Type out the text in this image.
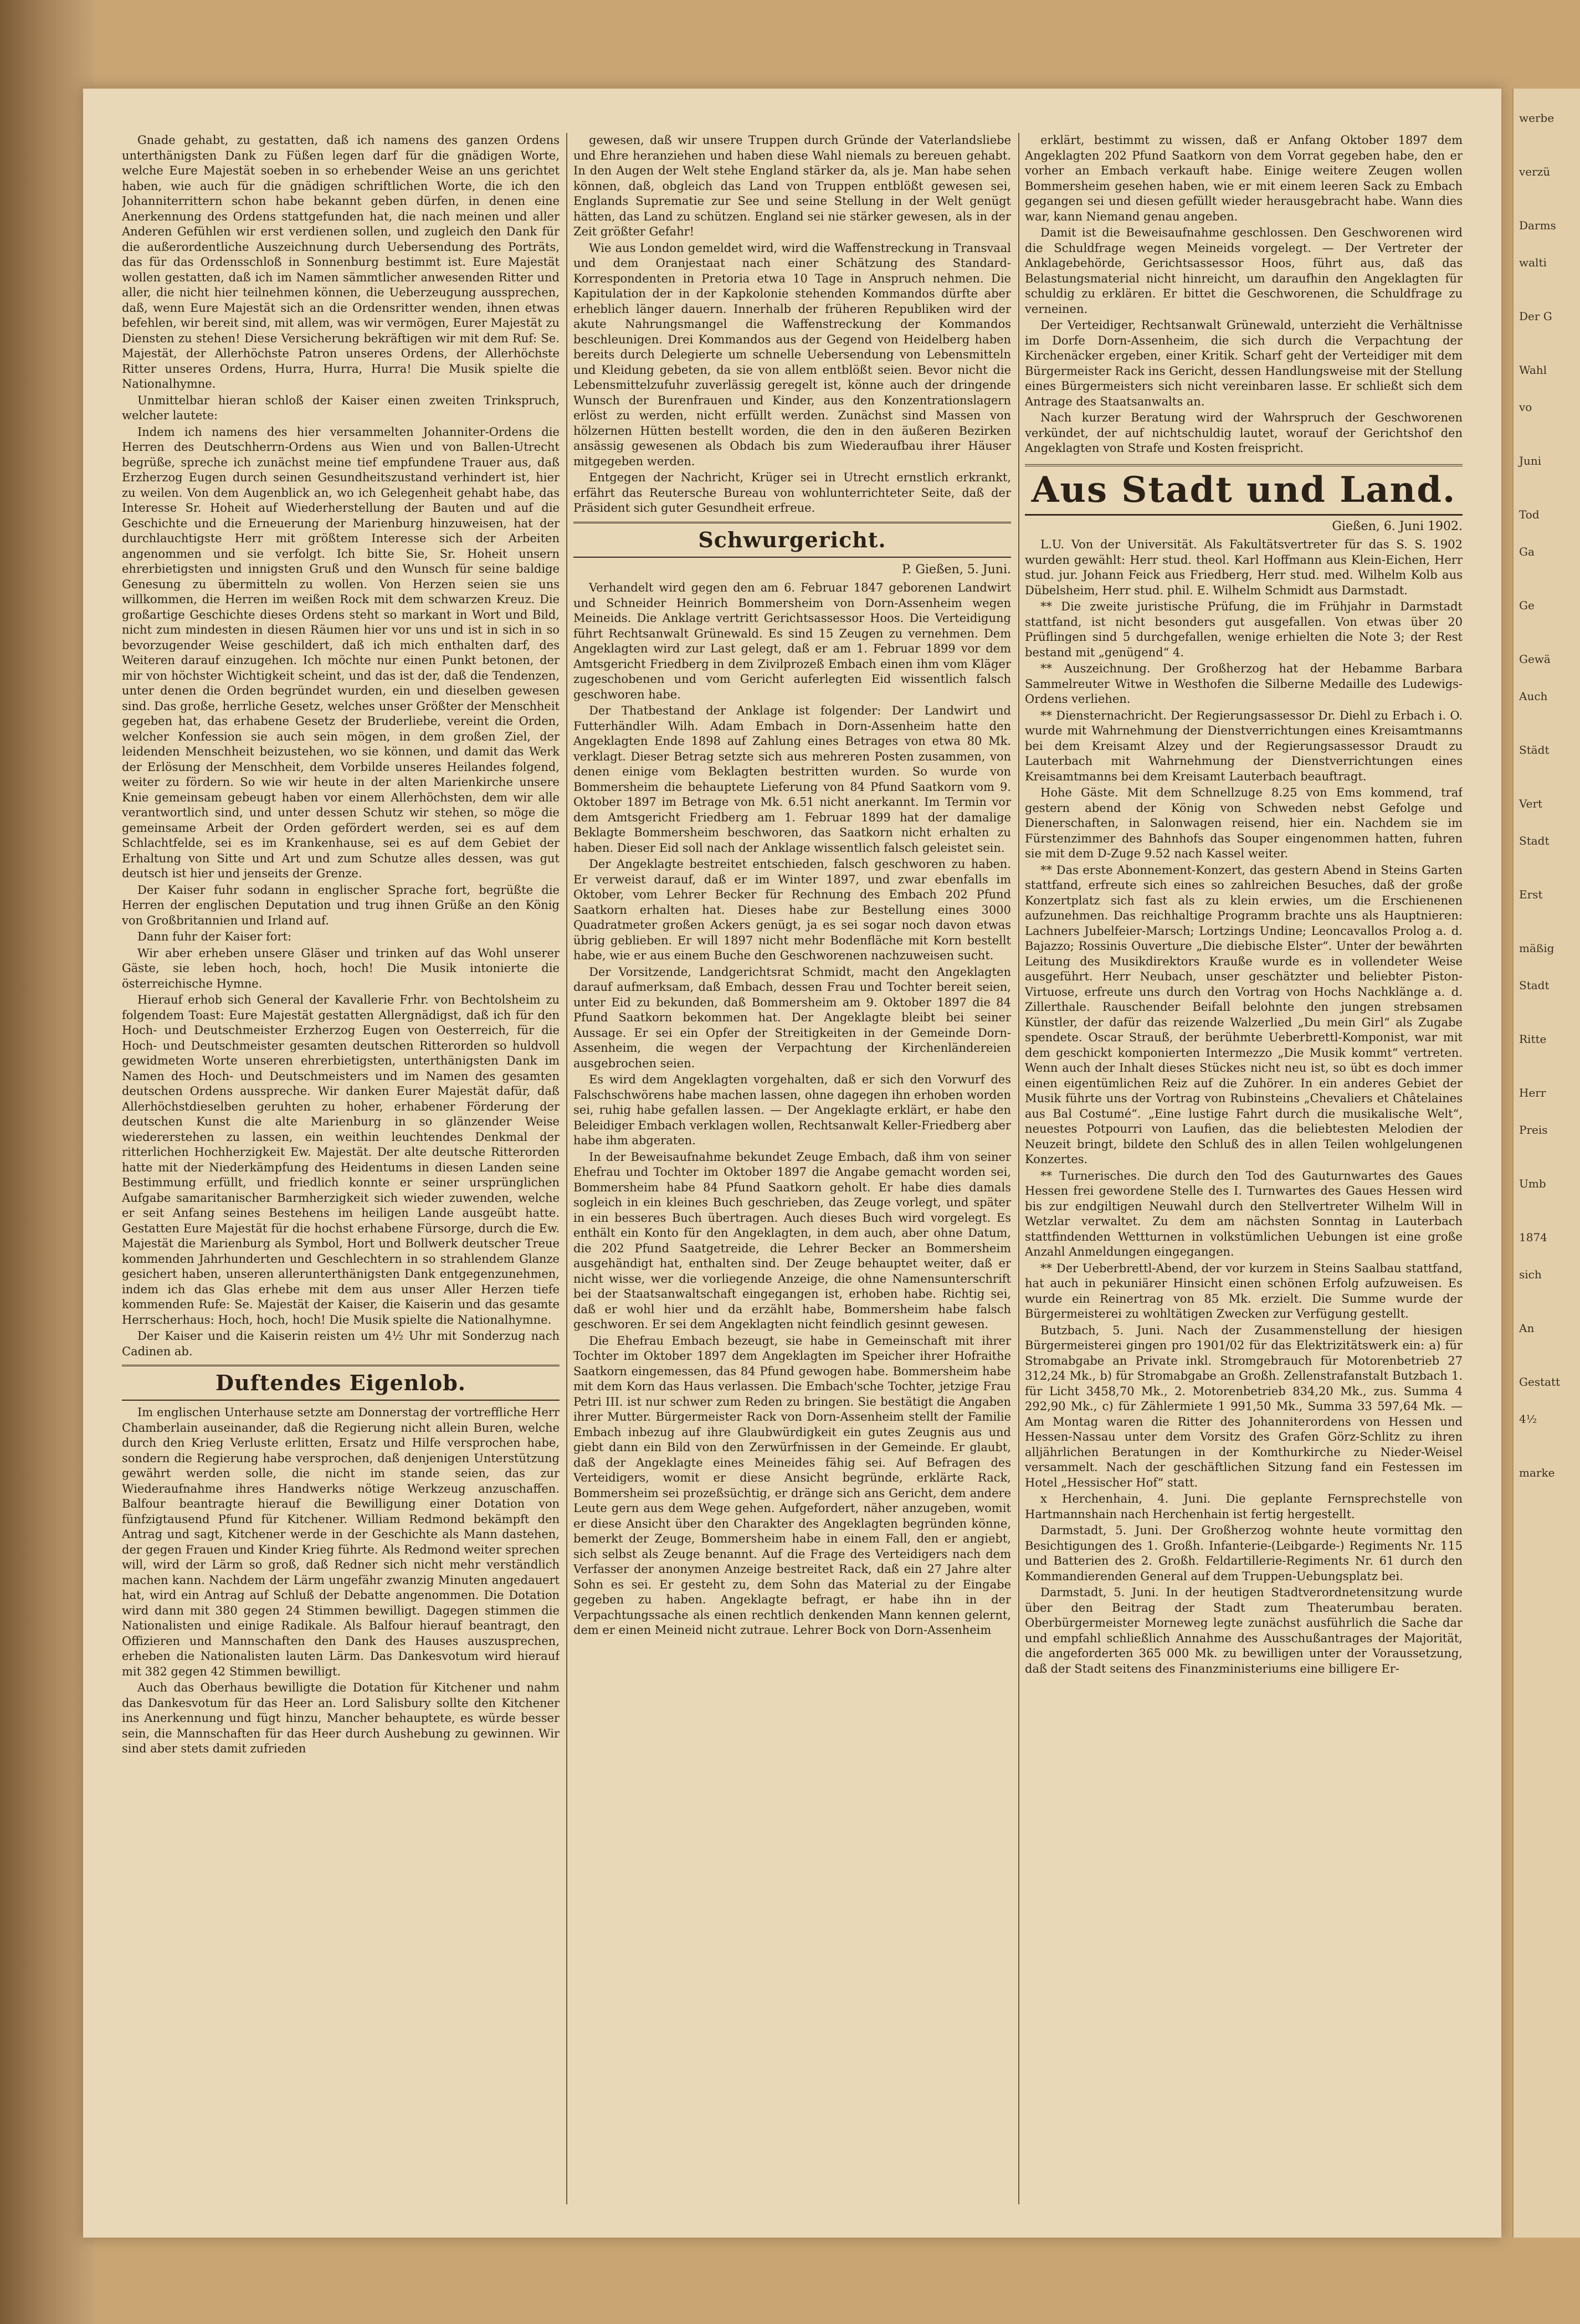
Gnade gehabt, zu gestatten, daß ich namens des ganzen Ordens unterthänigsten Dank zu Füßen legen darf für die gnädigen Worte, welche Eure Majestät soeben in so erhebender Weise an uns gerichtet haben, wie auch für die gnädigen schriftlichen Worte, die ich den Johanniterrittern schon habe bekannt geben dürfen, in denen eine Anerkennung des Ordens stattgefunden hat, die nach meinen und aller Anderen Gefühlen wir erst verdienen sollen, und zugleich den Dank für die außerordentliche Auszeichnung durch Uebersendung des Porträts, das für das Ordensschloß in Sonnenburg bestimmt ist. Eure Majestät wollen gestatten, daß ich im Namen sämmtlicher anwesenden Ritter und aller, die nicht hier teilnehmen können, die Ueberzeugung aussprechen, daß, wenn Eure Majestät sich an die Ordensritter wenden, ihnen etwas befehlen, wir bereit sind, mit allem, was wir vermögen, Eurer Majestät zu Diensten zu stehen! Diese Versicherung bekräftigen wir mit dem Ruf: Se. Majestät, der Allerhöchste Patron unseres Ordens, der Allerhöchste Ritter unseres Ordens, Hurra, Hurra, Hurra! Die Musik spielte die Nationalhymne.

Unmittelbar hieran schloß der Kaiser einen zweiten Trinkspruch, welcher lautete:

Indem ich namens des hier versammelten Johanniter-Ordens die Herren des Deutschherrn-Ordens aus Wien und von Ballen-Utrecht begrüße, spreche ich zunächst meine tief empfundene Trauer aus, daß Erzherzog Eugen durch seinen Gesundheitszustand verhindert ist, hier zu weilen. Von dem Augenblick an, wo ich Gelegenheit gehabt habe, das Interesse Sr. Hoheit auf Wiederherstellung der Bauten und auf die Geschichte und die Erneuerung der Marienburg hinzuweisen, hat der durchlauchtigste Herr mit größtem Interesse sich der Arbeiten angenommen und sie verfolgt. Ich bitte Sie, Sr. Hoheit unsern ehrerbietigsten und innigsten Gruß und den Wunsch für seine baldige Genesung zu übermitteln zu wollen. Von Herzen seien sie uns willkommen, die Herren im weißen Rock mit dem schwarzen Kreuz. Die großartige Geschichte dieses Ordens steht so markant in Wort und Bild, nicht zum mindesten in diesen Räumen hier vor uns und ist in sich in so bevorzugender Weise geschildert, daß ich mich enthalten darf, des Weiteren darauf einzugehen. Ich möchte nur einen Punkt betonen, der mir von höchster Wichtigkeit scheint, und das ist der, daß die Tendenzen, unter denen die Orden begründet wurden, ein und dieselben gewesen sind. Das große, herrliche Gesetz, welches unser Größter der Menschheit gegeben hat, das erhabene Gesetz der Bruderliebe, vereint die Orden, welcher Konfession sie auch sein mögen, in dem großen Ziel, der leidenden Menschheit beizustehen, wo sie können, und damit das Werk der Erlösung der Menschheit, dem Vorbilde unseres Heilandes folgend, weiter zu fördern. So wie wir heute in der alten Marienkirche unsere Knie gemeinsam gebeugt haben vor einem Allerhöchsten, dem wir alle verantwortlich sind, und unter dessen Schutz wir stehen, so möge die gemeinsame Arbeit der Orden gefördert werden, sei es auf dem Schlachtfelde, sei es im Krankenhause, sei es auf dem Gebiet der Erhaltung von Sitte und Art und zum Schutze alles dessen, was gut deutsch ist hier und jenseits der Grenze.

Der Kaiser fuhr sodann in englischer Sprache fort, begrüßte die Herren der englischen Deputation und trug ihnen Grüße an den König von Großbritannien und Irland auf.

Dann fuhr der Kaiser fort:

Wir aber erheben unsere Gläser und trinken auf das Wohl unserer Gäste, sie leben hoch, hoch, hoch! Die Musik intonierte die österreichische Hymne.

Hierauf erhob sich General der Kavallerie Frhr. von Bechtolsheim zu folgendem Toast: Eure Majestät gestatten Allergnädigst, daß ich für den Hoch- und Deutschmeister Erzherzog Eugen von Oesterreich, für die Hoch- und Deutschmeister gesamten deutschen Ritterorden so huldvoll gewidmeten Worte unseren ehrerbietigsten, unterthänigsten Dank im Namen des Hoch- und Deutschmeisters und im Namen des gesamten deutschen Ordens ausspreche. Wir danken Eurer Majestät dafür, daß Allerhöchstdieselben geruhten zu hoher, erhabener Förderung der deutschen Kunst die alte Marienburg in so glänzender Weise wiedererstehen zu lassen, ein weithin leuchtendes Denkmal der ritterlichen Hochherzigkeit Ew. Majestät. Der alte deutsche Ritterorden hatte mit der Niederkämpfung des Heidentums in diesen Landen seine Bestimmung erfüllt, und friedlich konnte er seiner ursprünglichen Aufgabe samaritanischer Barmherzigkeit sich wieder zuwenden, welche er seit Anfang seines Bestehens im heiligen Lande ausgeübt hatte. Gestatten Eure Majestät für die hochst erhabene Fürsorge, durch die Ew. Majestät die Marienburg als Symbol, Hort und Bollwerk deutscher Treue kommenden Jahrhunderten und Geschlechtern in so strahlendem Glanze gesichert haben, unseren allerunterthänigsten Dank entgegenzunehmen, indem ich das Glas erhebe mit dem aus unser Aller Herzen tiefe kommenden Rufe: Se. Majestät der Kaiser, die Kaiserin und das gesamte Herrscherhaus: Hoch, hoch, hoch! Die Musik spielte die Nationalhymne.

Der Kaiser und die Kaiserin reisten um 4½ Uhr mit Sonderzug nach Cadinen ab.

Duftendes Eigenlob.

Im englischen Unterhause setzte am Donnerstag der vortreffliche Herr Chamberlain auseinander, daß die Regierung nicht allein Buren, welche durch den Krieg Verluste erlitten, Ersatz und Hilfe versprochen habe, sondern die Regierung habe versprochen, daß denjenigen Unterstützung gewährt werden solle, die nicht im stande seien, das zur Wiederaufnahme ihres Handwerks nötige Werkzeug anzuschaffen. Balfour beantragte hierauf die Bewilligung einer Dotation von fünfzigtausend Pfund für Kitchener. William Redmond bekämpft den Antrag und sagt, Kitchener werde in der Geschichte als Mann dastehen, der gegen Frauen und Kinder Krieg führte. Als Redmond weiter sprechen will, wird der Lärm so groß, daß Redner sich nicht mehr verständlich machen kann. Nachdem der Lärm ungefähr zwanzig Minuten angedauert hat, wird ein Antrag auf Schluß der Debatte angenommen. Die Dotation wird dann mit 380 gegen 24 Stimmen bewilligt. Dagegen stimmen die Nationalisten und einige Radikale. Als Balfour hierauf beantragt, den Offizieren und Mannschaften den Dank des Hauses auszusprechen, erheben die Nationalisten lauten Lärm. Das Dankesvotum wird hierauf mit 382 gegen 42 Stimmen bewilligt.

Auch das Oberhaus bewilligte die Dotation für Kitchener und nahm das Dankesvotum für das Heer an. Lord Salisbury sollte den Kitchener ins Anerkennung und fügt hinzu, Mancher behauptete, es würde besser sein, die Mannschaften für das Heer durch Aushebung zu gewinnen. Wir sind aber stets damit zufrieden

gewesen, daß wir unsere Truppen durch Gründe der Vaterlandsliebe und Ehre heranziehen und haben diese Wahl niemals zu bereuen gehabt. In den Augen der Welt stehe England stärker da, als je. Man habe sehen können, daß, obgleich das Land von Truppen entblößt gewesen sei, Englands Suprematie zur See und seine Stellung in der Welt genügt hätten, das Land zu schützen. England sei nie stärker gewesen, als in der Zeit größter Gefahr!

Wie aus London gemeldet wird, wird die Waffenstreckung in Transvaal und dem Oranjestaat nach einer Schätzung des Standard-Korrespondenten in Pretoria etwa 10 Tage in Anspruch nehmen. Die Kapitulation der in der Kapkolonie stehenden Kommandos dürfte aber erheblich länger dauern. Innerhalb der früheren Republiken wird der akute Nahrungsmangel die Waffenstreckung der Kommandos beschleunigen. Drei Kommandos aus der Gegend von Heidelberg haben bereits durch Delegierte um schnelle Uebersendung von Lebensmitteln und Kleidung gebeten, da sie von allem entblößt seien. Bevor nicht die Lebensmittelzufuhr zuverlässig geregelt ist, könne auch der dringende Wunsch der Burenfrauen und Kinder, aus den Konzentrationslagern erlöst zu werden, nicht erfüllt werden. Zunächst sind Massen von hölzernen Hütten bestellt worden, die den in den äußeren Bezirken ansässig gewesenen als Obdach bis zum Wiederaufbau ihrer Häuser mitgegeben werden.

Entgegen der Nachricht, Krüger sei in Utrecht ernstlich erkrankt, erfährt das Reutersche Bureau von wohlunterrichteter Seite, daß der Präsident sich guter Gesundheit erfreue.

Schwurgericht.
P. Gießen, 5. Juni.

Verhandelt wird gegen den am 6. Februar 1847 geborenen Landwirt und Schneider Heinrich Bommersheim von Dorn-Assenheim wegen Meineids. Die Anklage vertritt Gerichtsassessor Hoos. Die Verteidigung führt Rechtsanwalt Grünewald. Es sind 15 Zeugen zu vernehmen. Dem Angeklagten wird zur Last gelegt, daß er am 1. Februar 1899 vor dem Amtsgericht Friedberg in dem Zivilprozeß Embach einen ihm vom Kläger zugeschobenen und vom Gericht auferlegten Eid wissentlich falsch geschworen habe.

Der Thatbestand der Anklage ist folgender: Der Landwirt und Futterhändler Wilh. Adam Embach in Dorn-Assenheim hatte den Angeklagten Ende 1898 auf Zahlung eines Betrages von etwa 80 Mk. verklagt. Dieser Betrag setzte sich aus mehreren Posten zusammen, von denen einige vom Beklagten bestritten wurden. So wurde von Bommersheim die behauptete Lieferung von 84 Pfund Saatkorn vom 9. Oktober 1897 im Betrage von Mk. 6.51 nicht anerkannt. Im Termin vor dem Amtsgericht Friedberg am 1. Februar 1899 hat der damalige Beklagte Bommersheim beschworen, das Saatkorn nicht erhalten zu haben. Dieser Eid soll nach der Anklage wissentlich falsch geleistet sein.

Der Angeklagte bestreitet entschieden, falsch geschworen zu haben. Er verweist darauf, daß er im Winter 1897, und zwar ebenfalls im Oktober, vom Lehrer Becker für Rechnung des Embach 202 Pfund Saatkorn erhalten hat. Dieses habe zur Bestellung eines 3000 Quadratmeter großen Ackers genügt, ja es sei sogar noch davon etwas übrig geblieben. Er will 1897 nicht mehr Bodenfläche mit Korn bestellt habe, wie er aus einem Buche den Geschworenen nachzuweisen sucht.

Der Vorsitzende, Landgerichtsrat Schmidt, macht den Angeklagten darauf aufmerksam, daß Embach, dessen Frau und Tochter bereit seien, unter Eid zu bekunden, daß Bommersheim am 9. Oktober 1897 die 84 Pfund Saatkorn bekommen hat. Der Angeklagte bleibt bei seiner Aussage. Er sei ein Opfer der Streitigkeiten in der Gemeinde Dorn-Assenheim, die wegen der Verpachtung der Kirchenländereien ausgebrochen seien.

Es wird dem Angeklagten vorgehalten, daß er sich den Vorwurf des Falschschwörens habe machen lassen, ohne dagegen ihn erhoben worden sei, ruhig habe gefallen lassen. — Der Angeklagte erklärt, er habe den Beleidiger Embach verklagen wollen, Rechtsanwalt Keller-Friedberg aber habe ihm abgeraten.

In der Beweisaufnahme bekundet Zeuge Embach, daß ihm von seiner Ehefrau und Tochter im Oktober 1897 die Angabe gemacht worden sei, Bommersheim habe 84 Pfund Saatkorn geholt. Er habe dies damals sogleich in ein kleines Buch geschrieben, das Zeuge vorlegt, und später in ein besseres Buch übertragen. Auch dieses Buch wird vorgelegt. Es enthält ein Konto für den Angeklagten, in dem auch, aber ohne Datum, die 202 Pfund Saatgetreide, die Lehrer Becker an Bommersheim ausgehändigt hat, enthalten sind. Der Zeuge behauptet weiter, daß er nicht wisse, wer die vorliegende Anzeige, die ohne Namensunterschrift bei der Staatsanwaltschaft eingegangen ist, erhoben habe. Richtig sei, daß er wohl hier und da erzählt habe, Bommersheim habe falsch geschworen. Er sei dem Angeklagten nicht feindlich gesinnt gewesen.

Die Ehefrau Embach bezeugt, sie habe in Gemeinschaft mit ihrer Tochter im Oktober 1897 dem Angeklagten im Speicher ihrer Hofraithe Saatkorn eingemessen, das 84 Pfund gewogen habe. Bommersheim habe mit dem Korn das Haus verlassen. Die Embach'sche Tochter, jetzige Frau Petri III. ist nur schwer zum Reden zu bringen. Sie bestätigt die Angaben ihrer Mutter. Bürgermeister Rack von Dorn-Assenheim stellt der Familie Embach inbezug auf ihre Glaubwürdigkeit ein gutes Zeugnis aus und giebt dann ein Bild von den Zerwürfnissen in der Gemeinde. Er glaubt, daß der Angeklagte eines Meineides fähig sei. Auf Befragen des Verteidigers, womit er diese Ansicht begründe, erklärte Rack, Bommersheim sei prozeßsüchtig, er dränge sich ans Gericht, dem andere Leute gern aus dem Wege gehen. Aufgefordert, näher anzugeben, womit er diese Ansicht über den Charakter des Angeklagten begründen könne, bemerkt der Zeuge, Bommersheim habe in einem Fall, den er angiebt, sich selbst als Zeuge benannt. Auf die Frage des Verteidigers nach dem Verfasser der anonymen Anzeige bestreitet Rack, daß ein 27 Jahre alter Sohn es sei. Er gesteht zu, dem Sohn das Material zu der Eingabe gegeben zu haben. Angeklagte befragt, er habe ihn in der Verpachtungssache als einen rechtlich denkenden Mann kennen gelernt, dem er einen Meineid nicht zutraue. Lehrer Bock von Dorn-Assenheim

erklärt, bestimmt zu wissen, daß er Anfang Oktober 1897 dem Angeklagten 202 Pfund Saatkorn von dem Vorrat gegeben habe, den er vorher an Embach verkauft habe. Einige weitere Zeugen wollen Bommersheim gesehen haben, wie er mit einem leeren Sack zu Embach gegangen sei und diesen gefüllt wieder herausgebracht habe. Wann dies war, kann Niemand genau angeben.

Damit ist die Beweisaufnahme geschlossen. Den Geschworenen wird die Schuldfrage wegen Meineids vorgelegt. — Der Vertreter der Anklagebehörde, Gerichtsassessor Hoos, führt aus, daß das Belastungsmaterial nicht hinreicht, um daraufhin den Angeklagten für schuldig zu erklären. Er bittet die Geschworenen, die Schuldfrage zu verneinen.

Der Verteidiger, Rechtsanwalt Grünewald, unterzieht die Verhältnisse im Dorfe Dorn-Assenheim, die sich durch die Verpachtung der Kirchenäcker ergeben, einer Kritik. Scharf geht der Verteidiger mit dem Bürgermeister Rack ins Gericht, dessen Handlungsweise mit der Stellung eines Bürgermeisters sich nicht vereinbaren lasse. Er schließt sich dem Antrage des Staatsanwalts an.

Nach kurzer Beratung wird der Wahrspruch der Geschworenen verkündet, der auf nichtschuldig lautet, worauf der Gerichtshof den Angeklagten von Strafe und Kosten freispricht.

Aus Stadt und Land.
Gießen, 6. Juni 1902.

L.U. Von der Universität. Als Fakultätsvertreter für das S. S. 1902 wurden gewählt: Herr stud. theol. Karl Hoffmann aus Klein-Eichen, Herr stud. jur. Johann Feick aus Friedberg, Herr stud. med. Wilhelm Kolb aus Dübelsheim, Herr stud. phil. E. Wilhelm Schmidt aus Darmstadt.

** Die zweite juristische Prüfung, die im Frühjahr in Darmstadt stattfand, ist nicht besonders gut ausgefallen. Von etwas über 20 Prüflingen sind 5 durchgefallen, wenige erhielten die Note 3; der Rest bestand mit „genügend“ 4.

** Auszeichnung. Der Großherzog hat der Hebamme Barbara Sammelreuter Witwe in Westhofen die Silberne Medaille des Ludewigs-Ordens verliehen.

** Diensternachricht. Der Regierungsassessor Dr. Diehl zu Erbach i. O. wurde mit Wahrnehmung der Dienstverrichtungen eines Kreisamtmanns bei dem Kreisamt Alzey und der Regierungsassessor Draudt zu Lauterbach mit Wahrnehmung der Dienstverrichtungen eines Kreisamtmanns bei dem Kreisamt Lauterbach beauftragt.

Hohe Gäste. Mit dem Schnellzuge 8.25 von Ems kommend, traf gestern abend der König von Schweden nebst Gefolge und Dienerschaften, in Salonwagen reisend, hier ein. Nachdem sie im Fürstenzimmer des Bahnhofs das Souper eingenommen hatten, fuhren sie mit dem D-Zuge 9.52 nach Kassel weiter.

** Das erste Abonnement-Konzert, das gestern Abend in Steins Garten stattfand, erfreute sich eines so zahlreichen Besuches, daß der große Konzertplatz sich fast als zu klein erwies, um die Erschienenen aufzunehmen. Das reichhaltige Programm brachte uns als Hauptnieren: Lachners Jubelfeier-Marsch; Lortzings Undine; Leoncavallos Prolog a. d. Bajazzo; Rossinis Ouverture „Die diebische Elster“. Unter der bewährten Leitung des Musikdirektors Krauße wurde es in vollendeter Weise ausgeführt. Herr Neubach, unser geschätzter und beliebter Piston-Virtuose, erfreute uns durch den Vortrag von Hochs Nachklänge a. d. Zillerthale. Rauschender Beifall belohnte den jungen strebsamen Künstler, der dafür das reizende Walzerlied „Du mein Girl“ als Zugabe spendete. Oscar Strauß, der berühmte Ueberbrettl-Komponist, war mit dem geschickt komponierten Intermezzo „Die Musik kommt“ vertreten. Wenn auch der Inhalt dieses Stückes nicht neu ist, so übt es doch immer einen eigentümlichen Reiz auf die Zuhörer. In ein anderes Gebiet der Musik führte uns der Vortrag von Rubinsteins „Chevaliers et Châtelaines aus Bal Costumé“. „Eine lustige Fahrt durch die musikalische Welt“, neuestes Potpourri von Laufien, das die beliebtesten Melodien der Neuzeit bringt, bildete den Schluß des in allen Teilen wohlgelungenen Konzertes.

** Turnerisches. Die durch den Tod des Gauturnwartes des Gaues Hessen frei gewordene Stelle des I. Turnwartes des Gaues Hessen wird bis zur endgiltigen Neuwahl durch den Stellvertreter Wilhelm Will in Wetzlar verwaltet. Zu dem am nächsten Sonntag in Lauterbach stattfindenden Wettturnen in volkstümlichen Uebungen ist eine große Anzahl Anmeldungen eingegangen.

** Der Ueberbrettl-Abend, der vor kurzem in Steins Saalbau stattfand, hat auch in pekuniärer Hinsicht einen schönen Erfolg aufzuweisen. Es wurde ein Reinertrag von 85 Mk. erzielt. Die Summe wurde der Bürgermeisterei zu wohltätigen Zwecken zur Verfügung gestellt.

Butzbach, 5. Juni. Nach der Zusammenstellung der hiesigen Bürgermeisterei gingen pro 1901/02 für das Elektrizitätswerk ein: a) für Stromabgabe an Private inkl. Stromgebrauch für Motorenbetrieb 27 312,24 Mk., b) für Stromabgabe an Großh. Zellenstrafanstalt Butzbach 1. für Licht 3458,70 Mk., 2. Motorenbetrieb 834,20 Mk., zus. Summa 4 292,90 Mk., c) für Zählermiete 1 991,50 Mk., Summa 33 597,64 Mk. — Am Montag waren die Ritter des Johanniterordens von Hessen und Hessen-Nassau unter dem Vorsitz des Grafen Görz-Schlitz zu ihren alljährlichen Beratungen in der Komthurkirche zu Nieder-Weisel versammelt. Nach der geschäftlichen Sitzung fand ein Festessen im Hotel „Hessischer Hof“ statt.

x Herchenhain, 4. Juni. Die geplante Fernsprechstelle von Hartmannshain nach Herchenhain ist fertig hergestellt.

Darmstadt, 5. Juni. Der Großherzog wohnte heute vormittag den Besichtigungen des 1. Großh. Infanterie-(Leibgarde-) Regiments Nr. 115 und Batterien des 2. Großh. Feldartillerie-Regiments Nr. 61 durch den Kommandierenden General auf dem Truppen-Uebungsplatz bei.

Darmstadt, 5. Juni. In der heutigen Stadtverordnetensitzung wurde über den Beitrag der Stadt zum Theaterumbau beraten. Oberbürgermeister Morneweg legte zunächst ausführlich die Sache dar und empfahl schließlich Annahme des Ausschußantrages der Majorität, die angeforderten 365 000 Mk. zu bewilligen unter der Voraussetzung, daß der Stadt seitens des Finanzministeriums eine billigere Er-

werbe
verzü
Darms
walti
Der G
Wahl
vo
Juni
Tod
Ga
Ge
Gewä
Auch
Städt
Vert
Stadt
Erst
mäßig
Stadt
Ritte
Herr
Preis
Umb
1874
sich
An
Gestatt
4½
marke
